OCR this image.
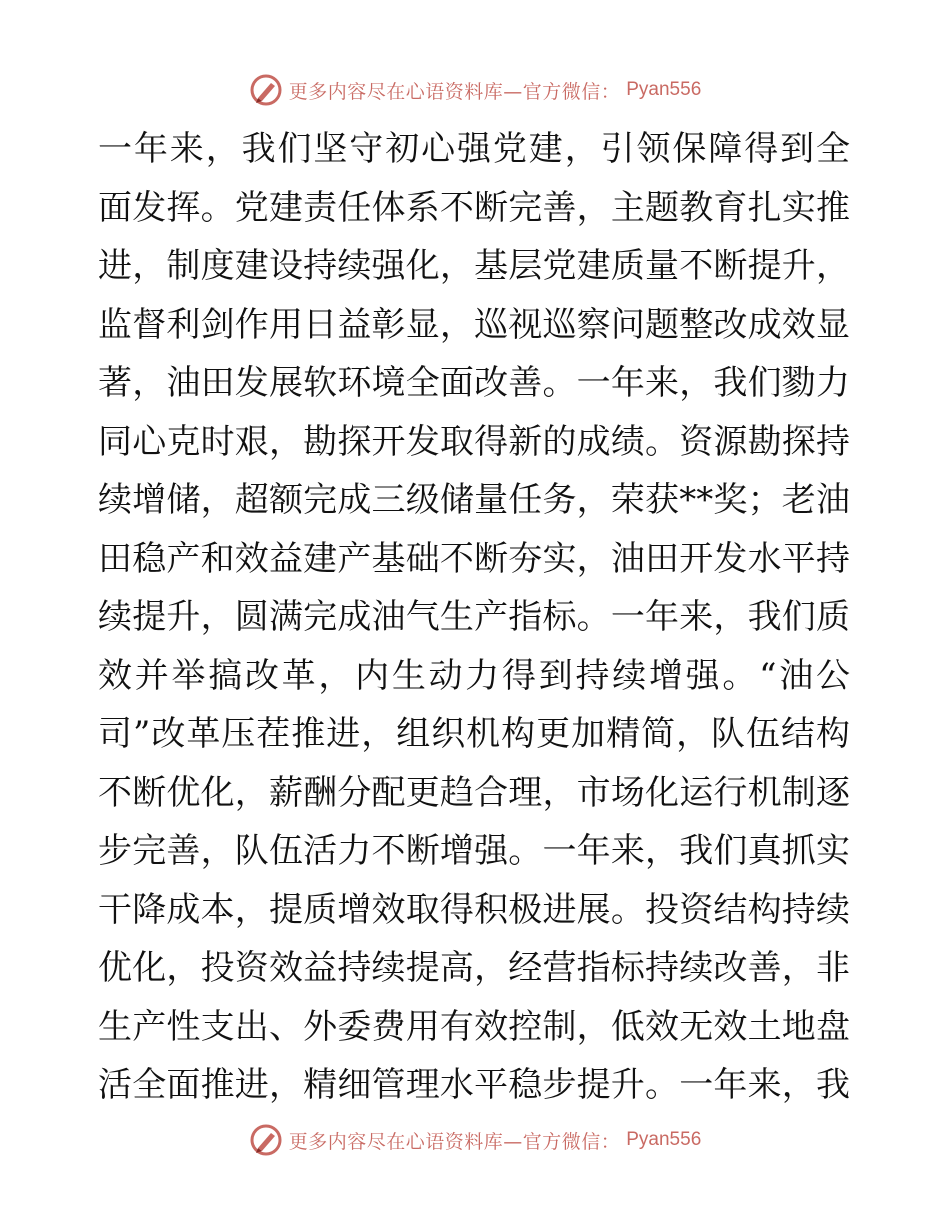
更多内容尽在心语资料库—官方微信： Pyan556
一年来，我们坚守初心强党建，引领保障得到全
面发挥。党建责任体系不断完善，主题教育扎实推
进，制度建设持续强化，基层党建质量不断提升，
监督利剑作用日益彰显，巡视巡察问题整改成效显
著，油田发展软环境全面改善。一年来，我们勠力
同心克时艰，勘探开发取得新的成绩。资源勘探持
续增储，超额完成三级储量任务，荣获**奖；老油
田稳产和效益建产基础不断夯实，油田开发水平持
续提升，圆满完成油气生产指标。一年来，我们质
效并举搞改革，内生动力得到持续增强。“油公
司”改革压茬推进，组织机构更加精简，队伍结构
不断优化，薪酬分配更趋合理，市场化运行机制逐
步完善，队伍活力不断增强。一年来，我们真抓实
干降成本，提质增效取得积极进展。投资结构持续
优化，投资效益持续提高，经营指标持续改善，非
生产性支出、外委费用有效控制，低效无效土地盘
活全面推进，精细管理水平稳步提升。一年来，我
更多内容尽在心语资料库—官方微信： Pyan556
